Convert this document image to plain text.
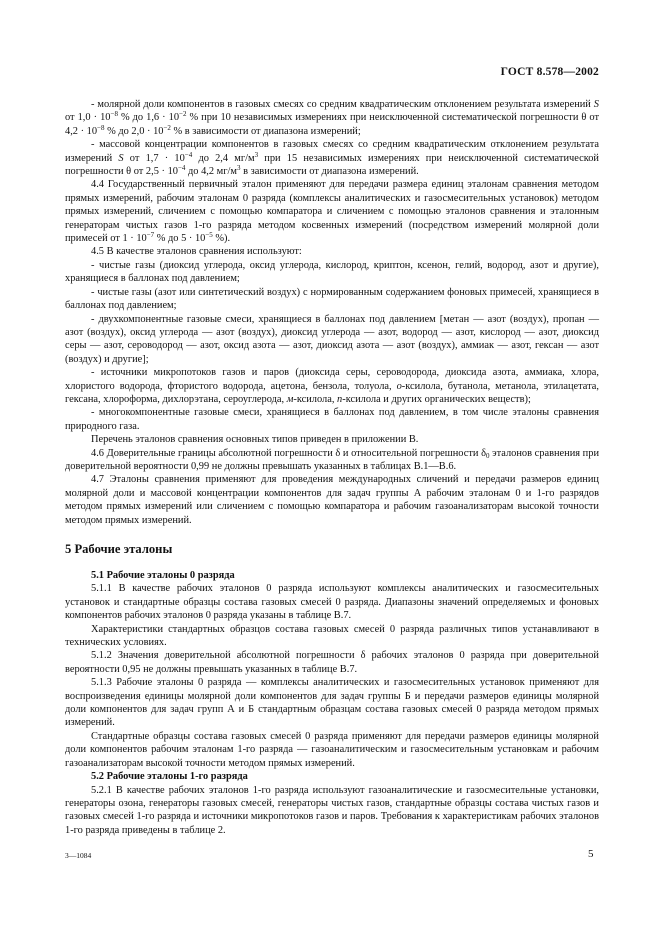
ГОСТ 8.578—2002

- молярной доли компонентов в газовых смесях со средним квадратическим отклонением результата измерений S от $1,0 \cdot 10^{-8}$ % до $1,6 \cdot 10^{-2}$ % при 10 независимых измерениях при неисключенной систематической погрешности θ от $4,2 \cdot 10^{-8}$ % до $2,0 \cdot 10^{-2}$ % в зависимости от диапазона измерений;

- массовой концентрации компонентов в газовых смесях со средним квадратическим отклонением результата измерений S от $1,7 \cdot 10^{-4}$ до 2,4 $мг/м^3$ при 15 независимых измерениях при неисключенной систематической погрешности θ от $2,5 \cdot 10^{-4}$ до 4,2 $мг/м^3$ в зависимости от диапазона измерений.

4.4 Государственный первичный эталон применяют для передачи размера единиц эталонам сравнения методом прямых измерений, рабочим эталонам 0 разряда (комплексы аналитических и газосмесительных установок) методом прямых измерений, сличением с помощью компаратора и сличением с помощью эталонов сравнения и эталонным генераторам чистых газов 1-го разряда методом косвенных измерений (посредством измерений молярной доли примесей от $1 \cdot 10^{-7}$ % до $5 \cdot 10^{-5}$ %).

4.5 В качестве эталонов сравнения используют:

- чистые газы (диоксид углерода, оксид углерода, кислород, криптон, ксенон, гелий, водород, азот и другие), хранящиеся в баллонах под давлением;

- чистые газы (азот или синтетический воздух) с нормированным содержанием фоновых примесей, хранящиеся в баллонах под давлением;

- двухкомпонентные газовые смеси, хранящиеся в баллонах под давлением [метан — азот (воздух), пропан — азот (воздух), оксид углерода — азот (воздух), диоксид углерода — азот, водород — азот, кислород — азот, диоксид серы — азот, сероводород — азот, оксид азота — азот, диоксид азота — азот (воздух), аммиак — азот, гексан — азот (воздух) и другие];

- источники микропотоков газов и паров (диоксида серы, сероводорода, диоксида азота, аммиака, хлора, хлористого водорода, фтористого водорода, ацетона, бензола, толуола, o-ксилола, бутанола, метанола, этилацетата, гексана, хлороформа, дихлорэтана, сероуглерода, м-ксилола, n-ксилола и других органических веществ);

- многокомпонентные газовые смеси, хранящиеся в баллонах под давлением, в том числе эталоны сравнения природного газа.

Перечень эталонов сравнения основных типов приведен в приложении В.

4.6 Доверительные границы абсолютной погрешности δ и относительной погрешности $\delta_0$ эталонов сравнения при доверительной вероятности 0,99 не должны превышать указанных в таблицах В.1—В.6.

4.7 Эталоны сравнения применяют для проведения международных сличений и передачи размеров единиц молярной доли и массовой концентрации компонентов для задач группы А рабочим эталонам 0 и 1-го разрядов методом прямых измерений или сличением с помощью компаратора и рабочим газоанализаторам высокой точности методом прямых измерений.

5 Рабочие эталоны

5.1 Рабочие эталоны 0 разряда

5.1.1 В качестве рабочих эталонов 0 разряда используют комплексы аналитических и газосмесительных установок и стандартные образцы состава газовых смесей 0 разряда. Диапазоны значений определяемых и фоновых компонентов рабочих эталонов 0 разряда указаны в таблице В.7.

Характеристики стандартных образцов состава газовых смесей 0 разряда различных типов устанавливают в технических условиях.

5.1.2 Значения доверительной абсолютной погрешности δ рабочих эталонов 0 разряда при доверительной вероятности 0,95 не должны превышать указанных в таблице В.7.

5.1.3 Рабочие эталоны 0 разряда — комплексы аналитических и газосмесительных установок применяют для воспроизведения единицы молярной доли компонентов для задач группы Б и передачи размеров единицы молярной доли компонентов для задач групп А и Б стандартным образцам состава газовых смесей 0 разряда методом прямых измерений.

Стандартные образцы состава газовых смесей 0 разряда применяют для передачи размеров единицы молярной доли компонентов рабочим эталонам 1-го разряда — газоаналитическим и газосмесительным установкам и рабочим газоанализаторам высокой точности методом прямых измерений.

5.2 Рабочие эталоны 1-го разряда

5.2.1 В качестве рабочих эталонов 1-го разряда используют газоаналитические и газосмесительные установки, генераторы озона, генераторы газовых смесей, генераторы чистых газов, стандартные образцы состава чистых газов и газовых смесей 1-го разряда и источники микропотоков газов и паров. Требования к характеристикам рабочих эталонов 1-го разряда приведены в таблице 2.

3—1084	5
